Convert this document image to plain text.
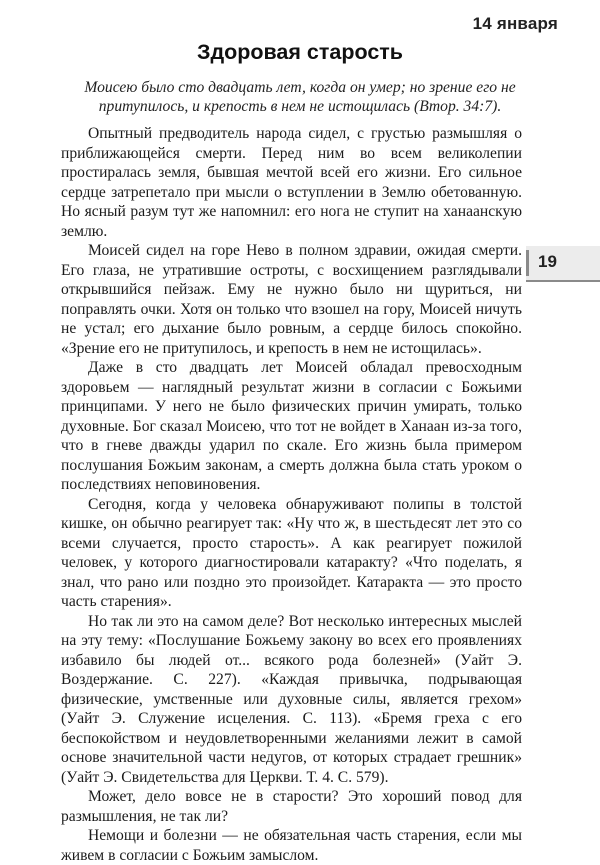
14 января
Здоровая старость
Моисею было сто двадцать лет, когда он умер; но зрение его не притупилось, и крепость в нем не истощилась (Втор. 34:7).

Опытный предводитель народа сидел, с грустью размышляя о приближающейся смерти. Перед ним во всем великолепии простиралась земля, бывшая мечтой всей его жизни. Его сильное сердце затрепетало при мысли о вступлении в Землю обетованную. Но ясный разум тут же напомнил: его нога не ступит на ханаанскую землю.

Моисей сидел на горе Нево в полном здравии, ожидая смерти. Его глаза, не утратившие остроты, с восхищением разглядывали открывшийся пейзаж. Ему не нужно было ни щуриться, ни поправлять очки. Хотя он только что взошел на гору, Моисей ничуть не устал; его дыхание было ровным, а сердце билось спокойно. «Зрение его не притупилось, и крепость в нем не истощилась».

Даже в сто двадцать лет Моисей обладал превосходным здоровьем — наглядный результат жизни в согласии с Божьими принципами. У него не было физических причин умирать, только духовные. Бог сказал Моисею, что тот не войдет в Ханаан из-за того, что в гневе дважды ударил по скале. Его жизнь была примером послушания Божьим законам, а смерть должна была стать уроком о последствиях неповиновения.

Сегодня, когда у человека обнаруживают полипы в толстой кишке, он обычно реагирует так: «Ну что ж, в шестьдесят лет это со всеми случается, просто старость». А как реагирует пожилой человек, у которого диагностировали катаракту? «Что поделать, я знал, что рано или поздно это произойдет. Катаракта — это просто часть старения».

Но так ли это на самом деле? Вот несколько интересных мыслей на эту тему: «Послушание Божьему закону во всех его проявлениях избавило бы людей от... всякого рода болезней» (Уайт Э. Воздержание. С. 227). «Каждая привычка, подрывающая физические, умственные или духовные силы, является грехом» (Уайт Э. Служение исцеления. С. 113). «Бремя греха с его беспокойством и неудовлетворенными желаниями лежит в самой основе значительной части недугов, от которых страдает грешник» (Уайт Э. Свидетельства для Церкви. Т. 4. С. 579).

Может, дело вовсе не в старости? Это хороший повод для размышления, не так ли?

Немощи и болезни — не обязательная часть старения, если мы живем в согласии с Божьим замыслом.

19
